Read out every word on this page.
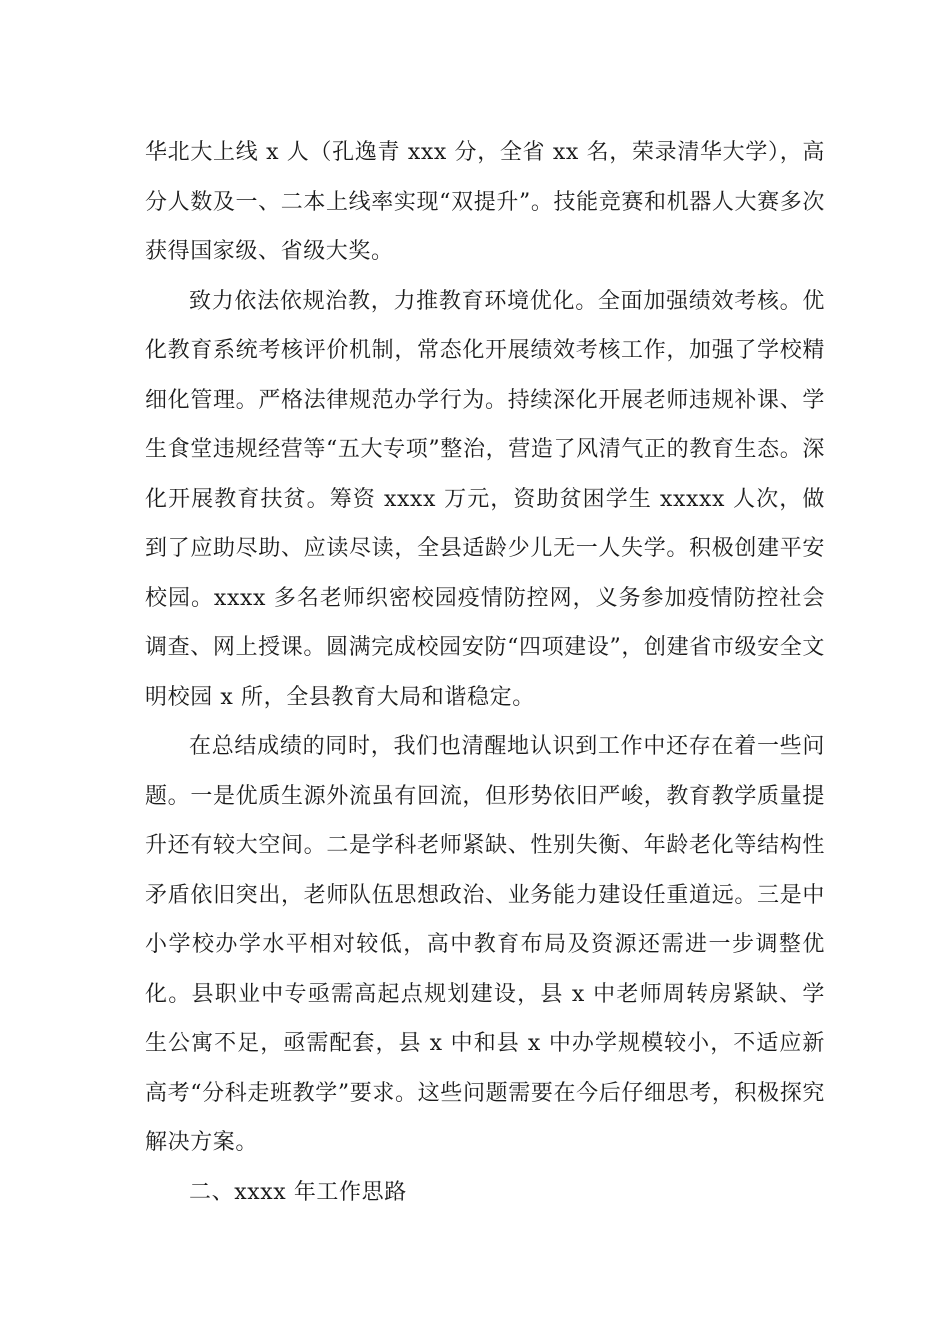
华北大上线 x 人（孔逸青 xxx 分，全省 xx 名，荣录清华大学），高分人数及一、二本上线率实现“双提升”。技能竞赛和机器人大赛多次获得国家级、省级大奖。

致力依法依规治教，力推教育环境优化。全面加强绩效考核。优化教育系统考核评价机制，常态化开展绩效考核工作，加强了学校精细化管理。严格法律规范办学行为。持续深化开展老师违规补课、学生食堂违规经营等“五大专项”整治，营造了风清气正的教育生态。深化开展教育扶贫。筹资 xxxx 万元，资助贫困学生 xxxxx 人次，做到了应助尽助、应读尽读，全县适龄少儿无一人失学。积极创建平安校园。xxxx 多名老师织密校园疫情防控网，义务参加疫情防控社会调查、网上授课。圆满完成校园安防“四项建设”，创建省市级安全文明校园 x 所，全县教育大局和谐稳定。

在总结成绩的同时，我们也清醒地认识到工作中还存在着一些问题。一是优质生源外流虽有回流，但形势依旧严峻，教育教学质量提升还有较大空间。二是学科老师紧缺、性别失衡、年龄老化等结构性矛盾依旧突出，老师队伍思想政治、业务能力建设任重道远。三是中小学校办学水平相对较低，高中教育布局及资源还需进一步调整优化。县职业中专亟需高起点规划建设，县 x 中老师周转房紧缺、学生公寓不足，亟需配套，县 x 中和县 x 中办学规模较小，不适应新高考“分科走班教学”要求。这些问题需要在今后仔细思考，积极探究解决方案。

二、xxxx 年工作思路
